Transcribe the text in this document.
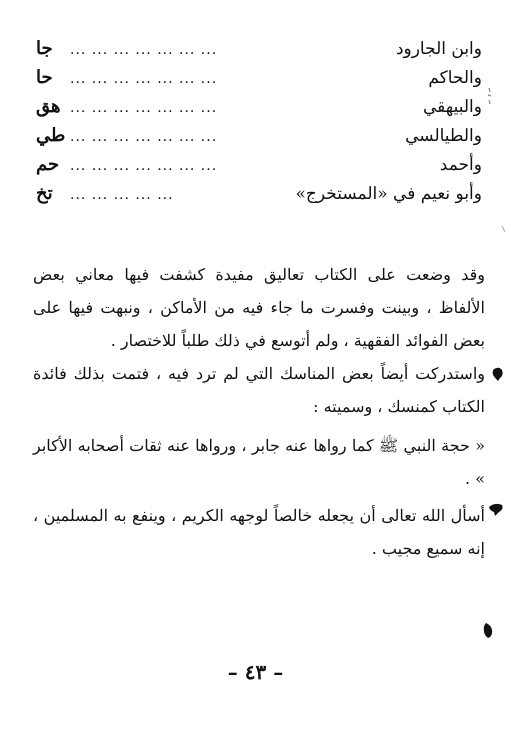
وابن الجارود
... ... ... ... ... ... ...
جا
والحاكم
... ... ... ... ... ... ...
حا
والبيهقي
... ... ... ... ... ... ...
هق
والطيالسي
... ... ... ... ... ... ...
طي
وأحمد
... ... ... ... ... ... ...
حم
وأبو نعيم في «المستخرج»
... ... ... ... ...
تخ

وقد وضعت على الكتاب تعاليق مفيدة كشفت فيها معاني بعض الألفاظ ، وبينت وفسرت ما جاء فيه من الأماكن ، ونبهت فيها على بعض الفوائد الفقهية ، ولم أتوسع في ذلك طلباً للاختصار .

واستدركت أيضاً بعض المناسك التي لم ترد فيه ، فتمت بذلك فائدة الكتاب كمنسك ، وسميته :

« حجة النبي ﷺ كما رواها عنه جابر ، ورواها عنه ثقات أصحابه الأكابر » .

أسأل الله تعالى أن يجعله خالصاً لوجهه الكريم ، وينفع به المسلمين ، إنه سميع مجيب .

– ٤٣ –
